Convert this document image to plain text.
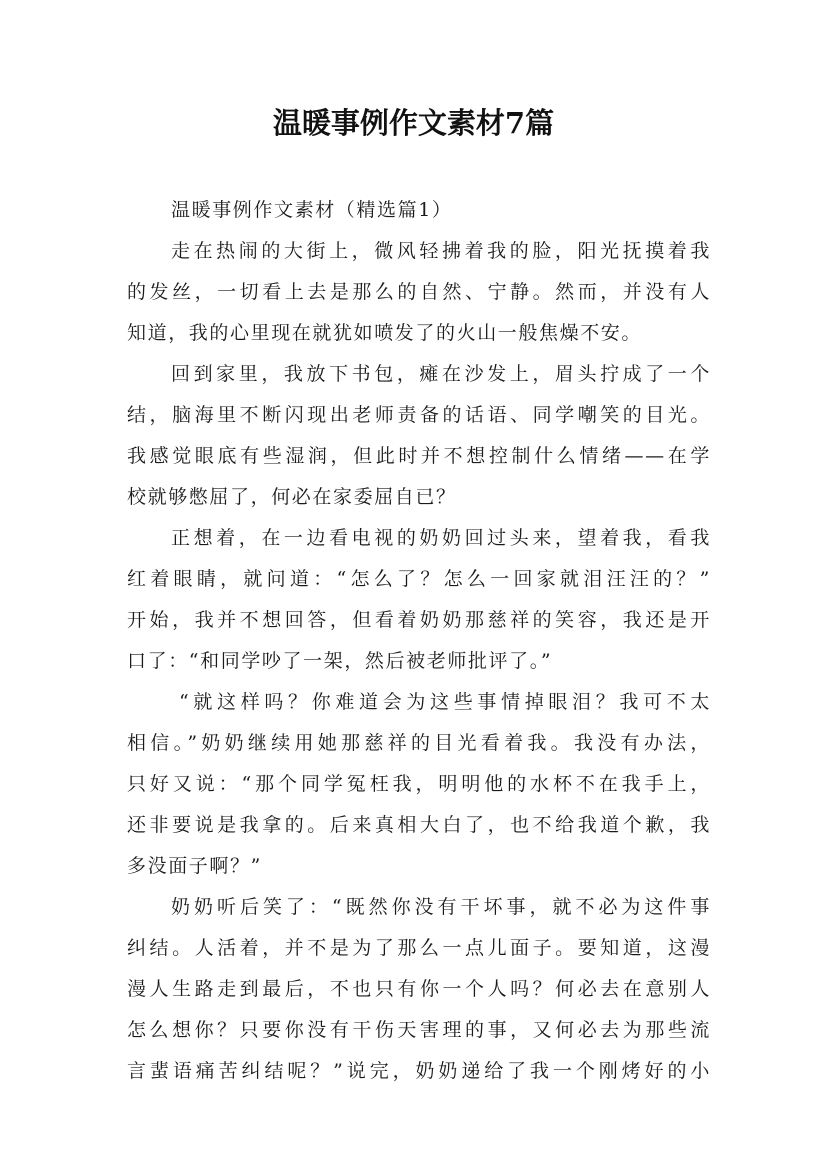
温暖事例作文素材7篇
温暖事例作文素材（精选篇1）
走在热闹的大街上，微风轻拂着我的脸，阳光抚摸着我
的发丝，一切看上去是那么的自然、宁静。然而，并没有人
知道，我的心里现在就犹如喷发了的火山一般焦燥不安。
回到家里，我放下书包，瘫在沙发上，眉头拧成了一个
结，脑海里不断闪现出老师责备的话语、同学嘲笑的目光。
我感觉眼底有些湿润，但此时并不想控制什么情绪——在学
校就够憋屈了，何必在家委屈自已？
正想着，在一边看电视的奶奶回过头来，望着我，看我
红着眼睛，就问道：“怎么了？怎么一回家就泪汪汪的？”
开始，我并不想回答，但看着奶奶那慈祥的笑容，我还是开
口了：“和同学吵了一架，然后被老师批评了。”
“就这样吗？你难道会为这些事情掉眼泪？我可不太
相信。”奶奶继续用她那慈祥的目光看着我。我没有办法，
只好又说：“那个同学冤枉我，明明他的水杯不在我手上，
还非要说是我拿的。后来真相大白了，也不给我道个歉，我
多没面子啊？”
奶奶听后笑了：“既然你没有干坏事，就不必为这件事
纠结。人活着，并不是为了那么一点儿面子。要知道，这漫
漫人生路走到最后，不也只有你一个人吗？何必去在意别人
怎么想你？只要你没有干伤天害理的事，又何必去为那些流
言蜚语痛苦纠结呢？”说完，奶奶递给了我一个刚烤好的小
